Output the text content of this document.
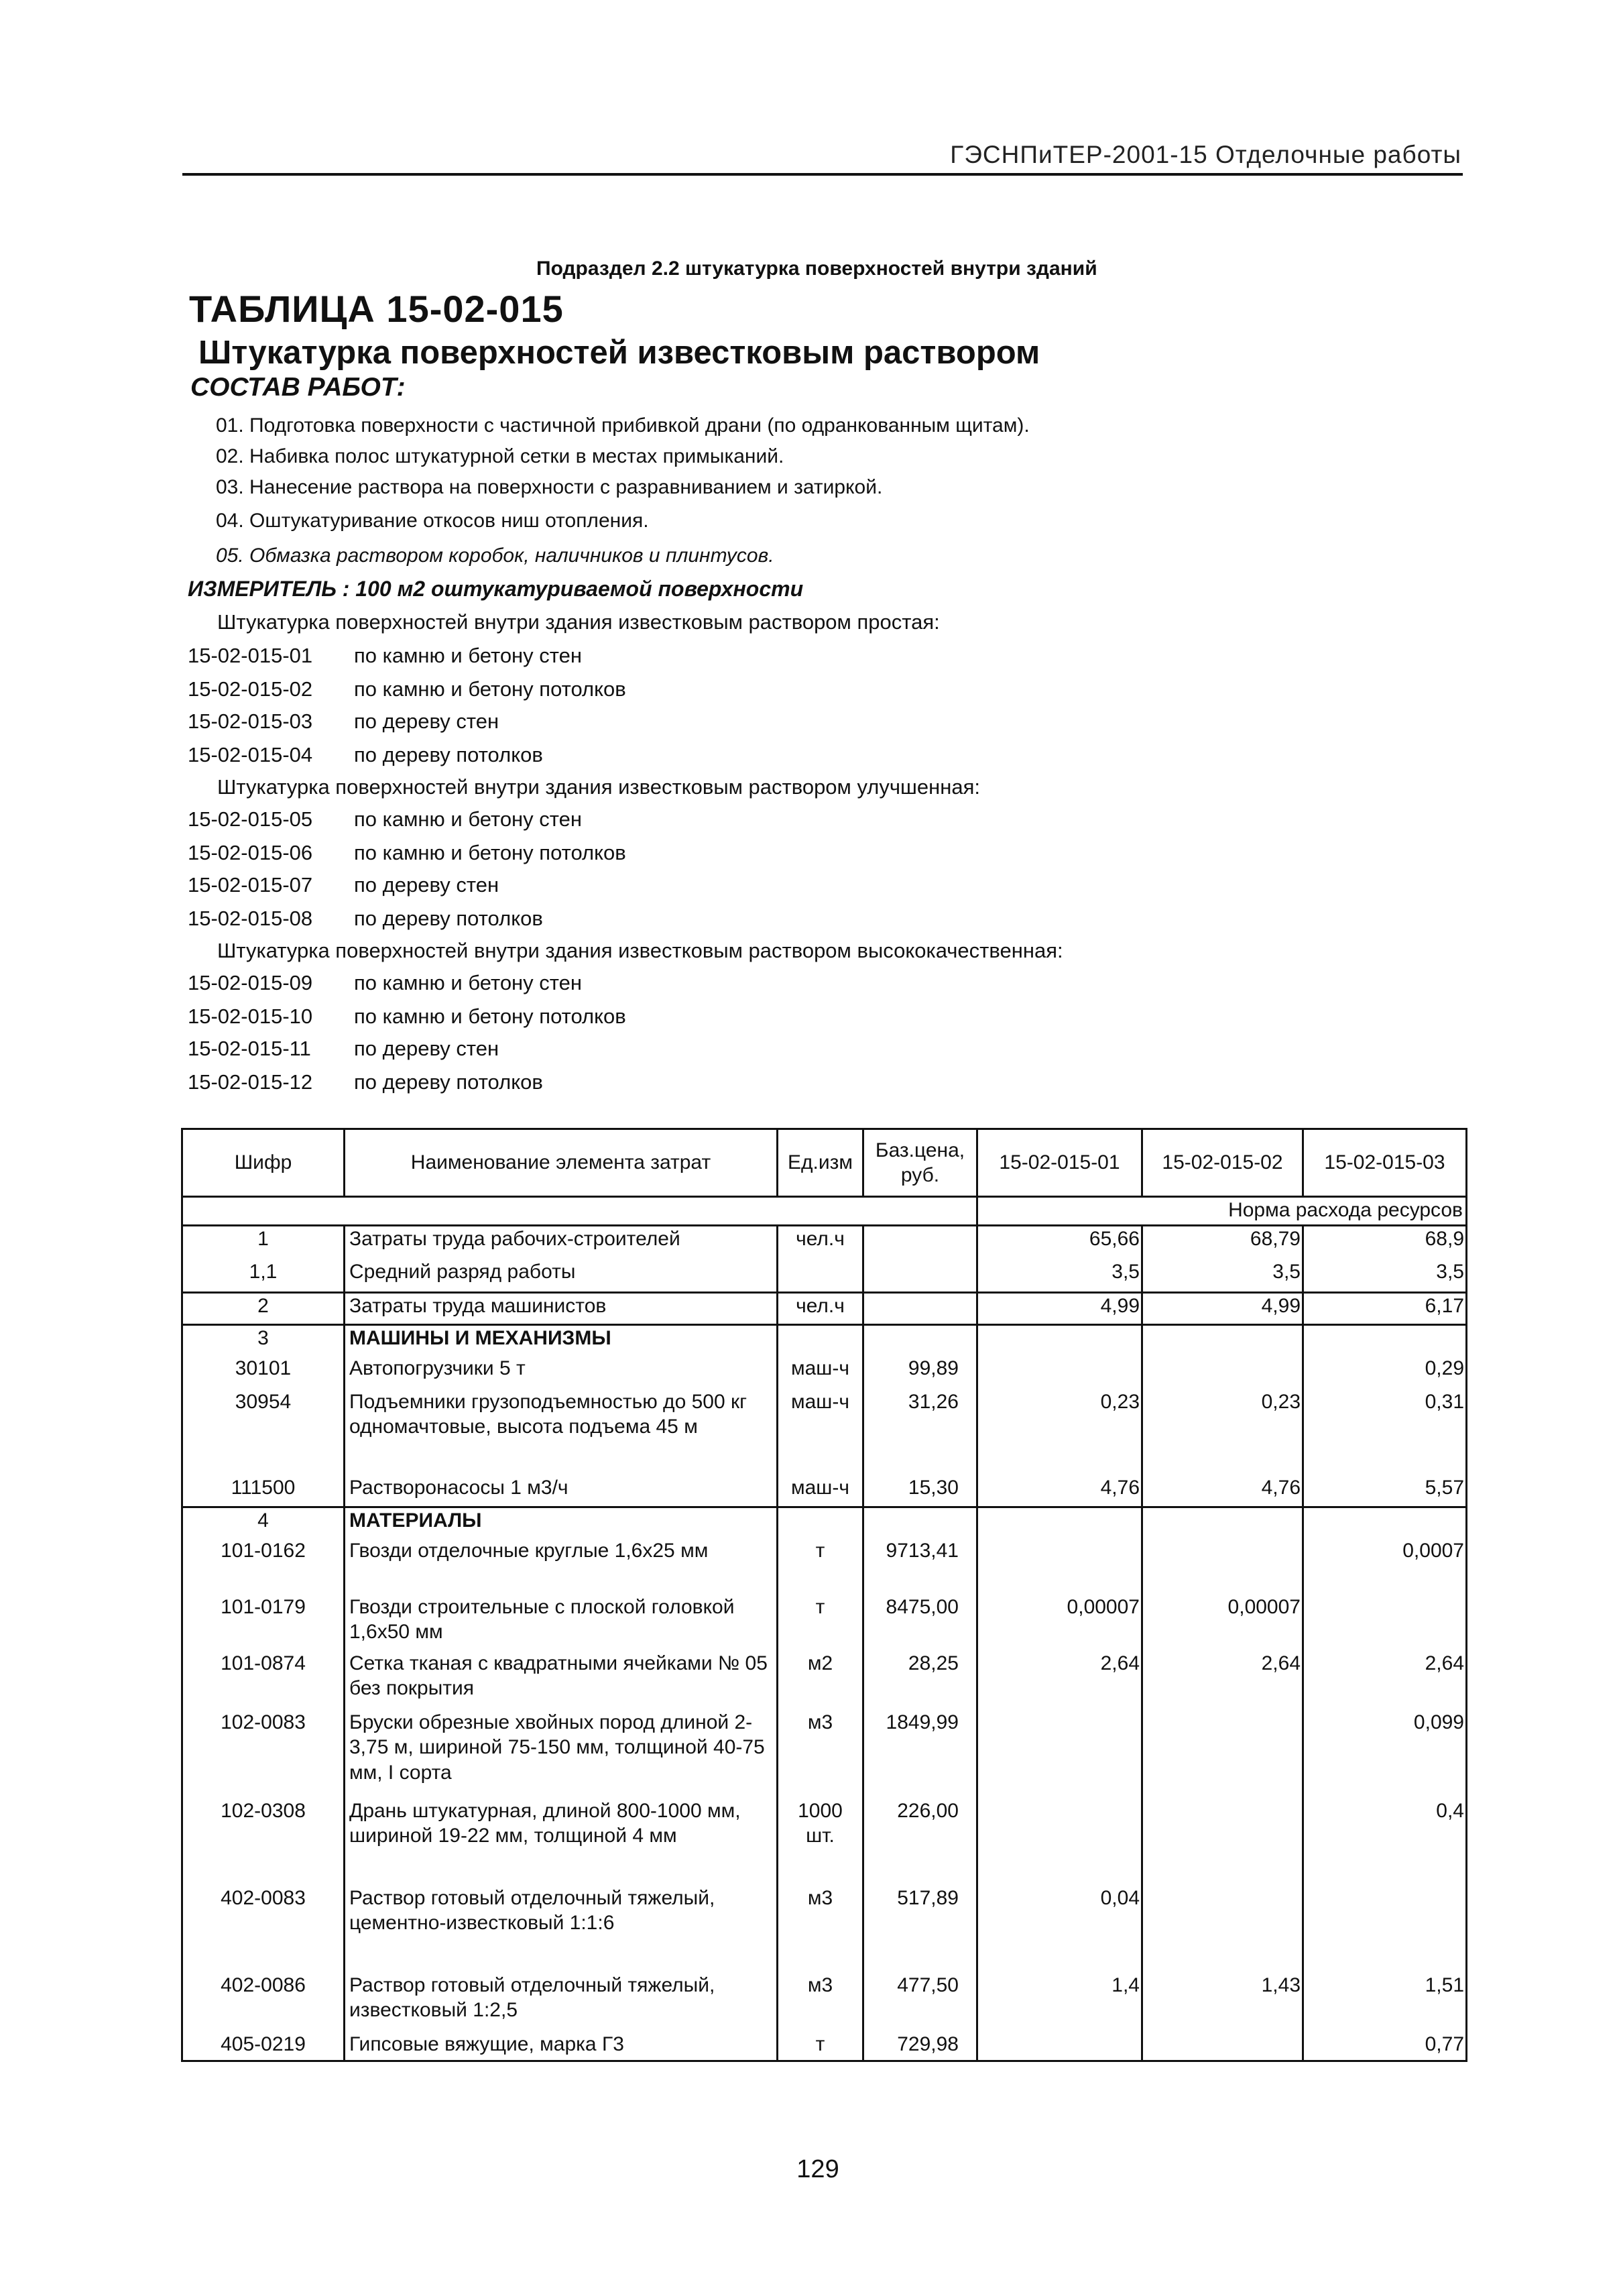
ГЭСНПиТЕР-2001-15 Отделочные работы
Подраздел 2.2 штукатурка поверхностей внутри зданий
ТАБЛИЦА 15-02-015
Штукатурка поверхностей известковым раствором
СОСТАВ РАБОТ:
01. Подготовка поверхности с частичной прибивкой драни (по одранкованным щитам).
02. Набивка полос штукатурной сетки в местах примыканий.
03. Нанесение раствора на поверхности с разравниванием и затиркой.
04. Оштукатуривание откосов ниш отопления.
05. Обмазка раствором коробок, наличников и плинтусов.
ИЗМЕРИТЕЛЬ : 100 м2 оштукатуриваемой поверхности
Штукатурка поверхностей внутри здания известковым раствором простая:
15-02-015-01 по камню и бетону стен
15-02-015-02 по камню и бетону потолков
15-02-015-03 по дереву стен
15-02-015-04 по дереву потолков
Штукатурка поверхностей внутри здания известковым раствором улучшенная:
15-02-015-05 по камню и бетону стен
15-02-015-06 по камню и бетону потолков
15-02-015-07 по дереву стен
15-02-015-08 по дереву потолков
Штукатурка поверхностей внутри здания известковым раствором высококачественная:
15-02-015-09 по камню и бетону стен
15-02-015-10 по камню и бетону потолков
15-02-015-11 по дереву стен
15-02-015-12 по дереву потолков
Шифр	Наименование элемента затрат	Ед.изм	Баз.цена, руб.	15-02-015-01	15-02-015-02	15-02-015-03
				Норма расхода ресурсов		
1	Затраты труда рабочих-строителей	чел.ч		65,66	68,79	68,9
1,1	Средний разряд работы			3,5	3,5	3,5
2	Затраты труда машинистов	чел.ч		4,99	4,99	6,17
3	МАШИНЫ И МЕХАНИЗМЫ					
30101	Автопогрузчики 5 т	маш-ч	99,89			0,29
30954	Подъемники грузоподъемностью до 500 кг одномачтовые, высота подъема 45 м	маш-ч	31,26	0,23	0,23	0,31
111500	Растворонасосы 1 м3/ч	маш-ч	15,30	4,76	4,76	5,57
4	МАТЕРИАЛЫ					
101-0162	Гвозди отделочные круглые 1,6х25 мм	т	9713,41			0,0007
101-0179	Гвозди строительные с плоской головкой 1,6х50 мм	т	8475,00	0,00007	0,00007	
101-0874	Сетка тканая с квадратными ячейками № 05 без покрытия	м2	28,25	2,64	2,64	2,64
102-0083	Бруски обрезные хвойных пород длиной 2-3,75 м, шириной 75-150 мм, толщиной 40-75 мм, I сорта	м3	1849,99			0,099
102-0308	Дрань штукатурная, длиной 800-1000 мм, шириной 19-22 мм, толщиной 4 мм	1000 шт.	226,00			0,4
402-0083	Раствор готовый отделочный тяжелый, цементно-известковый 1:1:6	м3	517,89	0,04		
402-0086	Раствор готовый отделочный тяжелый, известковый 1:2,5	м3	477,50	1,4	1,43	1,51
405-0219	Гипсовые вяжущие, марка Г3	т	729,98			0,77
129
